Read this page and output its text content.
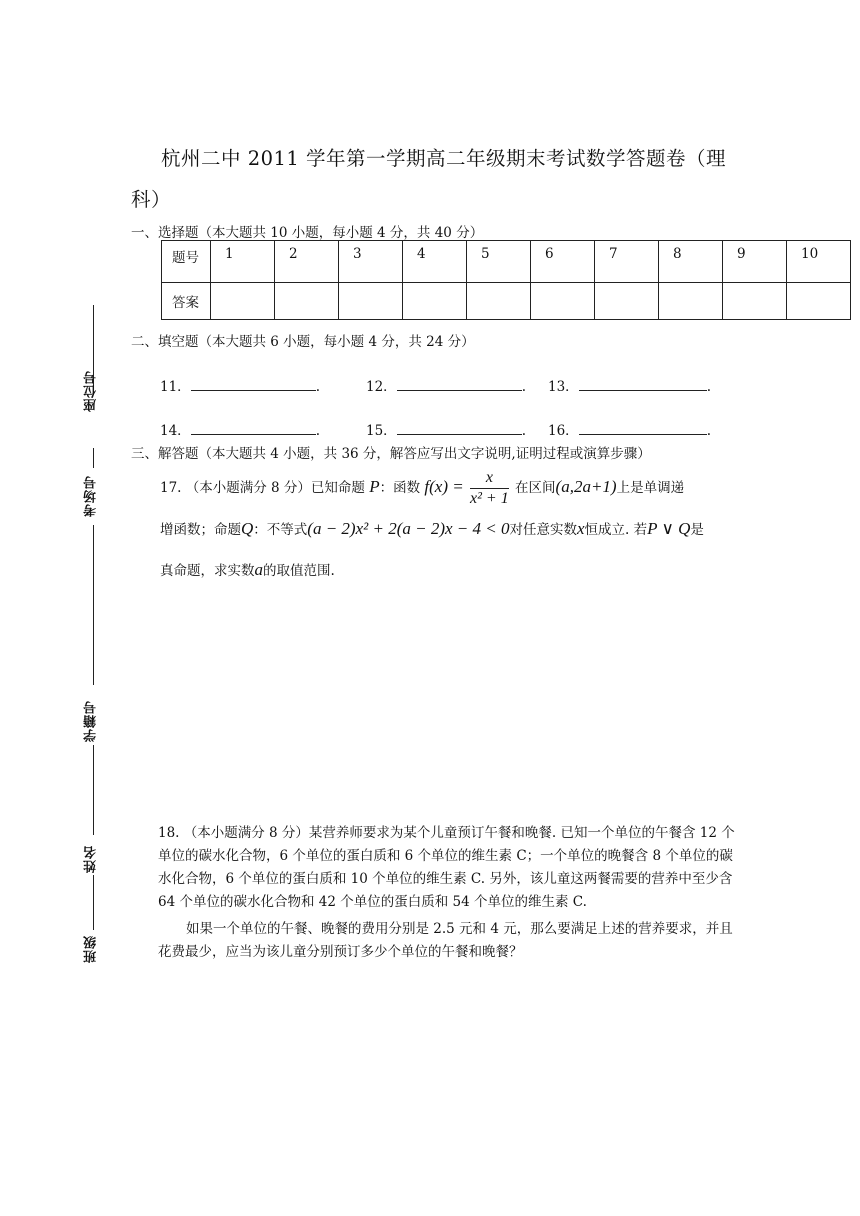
杭州二中 2011 学年第一学期高二年级期末考试数学答题卷（理科）
一、选择题（本大题共 10 小题，每小题 4 分，共 40 分）
题号	1	2	3	4	5	6	7	8	9	10
答案										
二、填空题（本大题共 6 小题，每小题 4 分，共 24 分）
11．	.	12．	. 13．	.
14．	.	15．	. 16．	.
三、解答题（本大题共 4 小题，共 36 分，解答应写出文字说明,证明过程或演算步骤）
17. （本小题满分 8 分）已知命题 P：函数 $f(x) = \frac{x}{\text{x² + 1}}$ 在区间(a,2a+1)上是单调递
增函数；命题Q：不等式(a − 2)x² + 2(a − 2)x − 4 < 0对任意实数x恒成立. 若P ∨ Q是
真命题，求实数a的取值范围.

18. （本小题满分 8 分）某营养师要求为某个儿童预订午餐和晚餐. 已知一个单位的午餐含 12 个单位的碳水化合物，6 个单位的蛋白质和 6 个单位的维生素 C；一个单位的晚餐含 8 个单位的碳水化合物，6 个单位的蛋白质和 10 个单位的维生素 C. 另外，该儿童这两餐需要的营养中至少含 64 个单位的碳水化合物和 42 个单位的蛋白质和 54 个单位的维生素 C.

如果一个单位的午餐、晚餐的费用分别是 2.5 元和 4 元，那么要满足上述的营养要求，并且花费最少，应当为该儿童分别预订多少个单位的午餐和晚餐？

座位号
考场号
学籍号
姓名
班级
